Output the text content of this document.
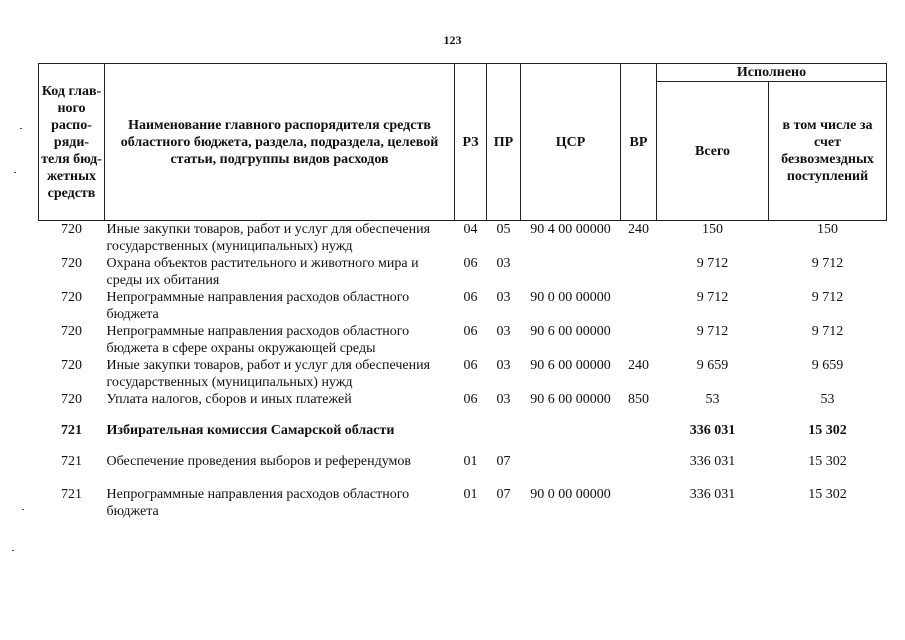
123
Код глав-ного распо-ряди-теля бюд-жетных средств	Наименование главного распорядителя средств областного бюджета, раздела, подраздела, целевой статьи, подгруппы видов расходов	РЗ	ПР	ЦСР	ВР	Исполнено	
						Всего	в том числе за счет безвозмездных поступлений
720	Иные закупки товаров, работ и услуг для обеспечения государственных (муниципальных) нужд	04	05	90 4 00 00000	240	150	150
720	Охрана объектов растительного и животного мира и среды их обитания	06	03			9 712	9 712
720	Непрограммные направления расходов областного бюджета	06	03	90 0 00 00000		9 712	9 712
720	Непрограммные направления расходов областного бюджета в сфере охраны окружающей среды	06	03	90 6 00 00000		9 712	9 712
720	Иные закупки товаров, работ и услуг для обеспечения государственных (муниципальных) нужд	06	03	90 6 00 00000	240	9 659	9 659
720	Уплата налогов, сборов и иных платежей	06	03	90 6 00 00000	850	53	53
721	Избирательная комиссия Самарской области					336 031	15 302
721	Обеспечение проведения выборов и референдумов	01	07			336 031	15 302
721	Непрограммные направления расходов областного бюджета	01	07	90 0 00 00000		336 031	15 302
